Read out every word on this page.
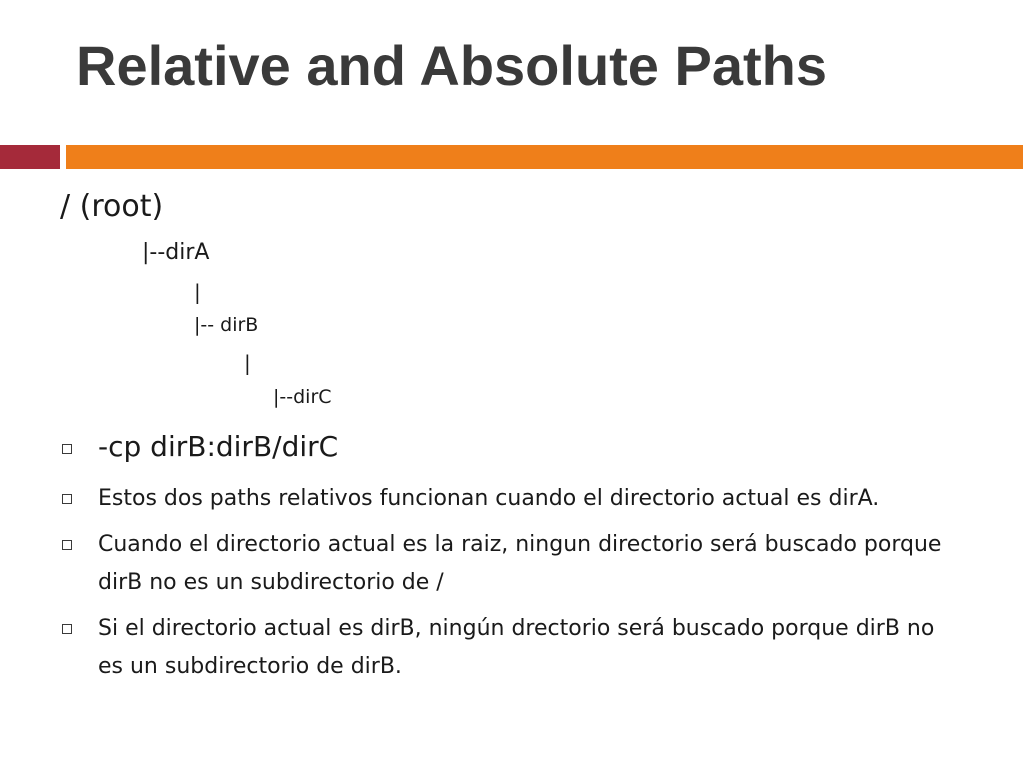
Relative and Absolute Paths
/ (root)
|--dirA
|
|-- dirB
|
|--dirC
-cp dirB:dirB/dirC
Estos dos paths relativos funcionan cuando el directorio actual es dirA.
Cuando el directorio actual es la raiz, ningun directorio será buscado porque dirB no es un subdirectorio de /
Si el directorio actual es dirB, ningún drectorio será buscado porque dirB no es un subdirectorio de dirB.
